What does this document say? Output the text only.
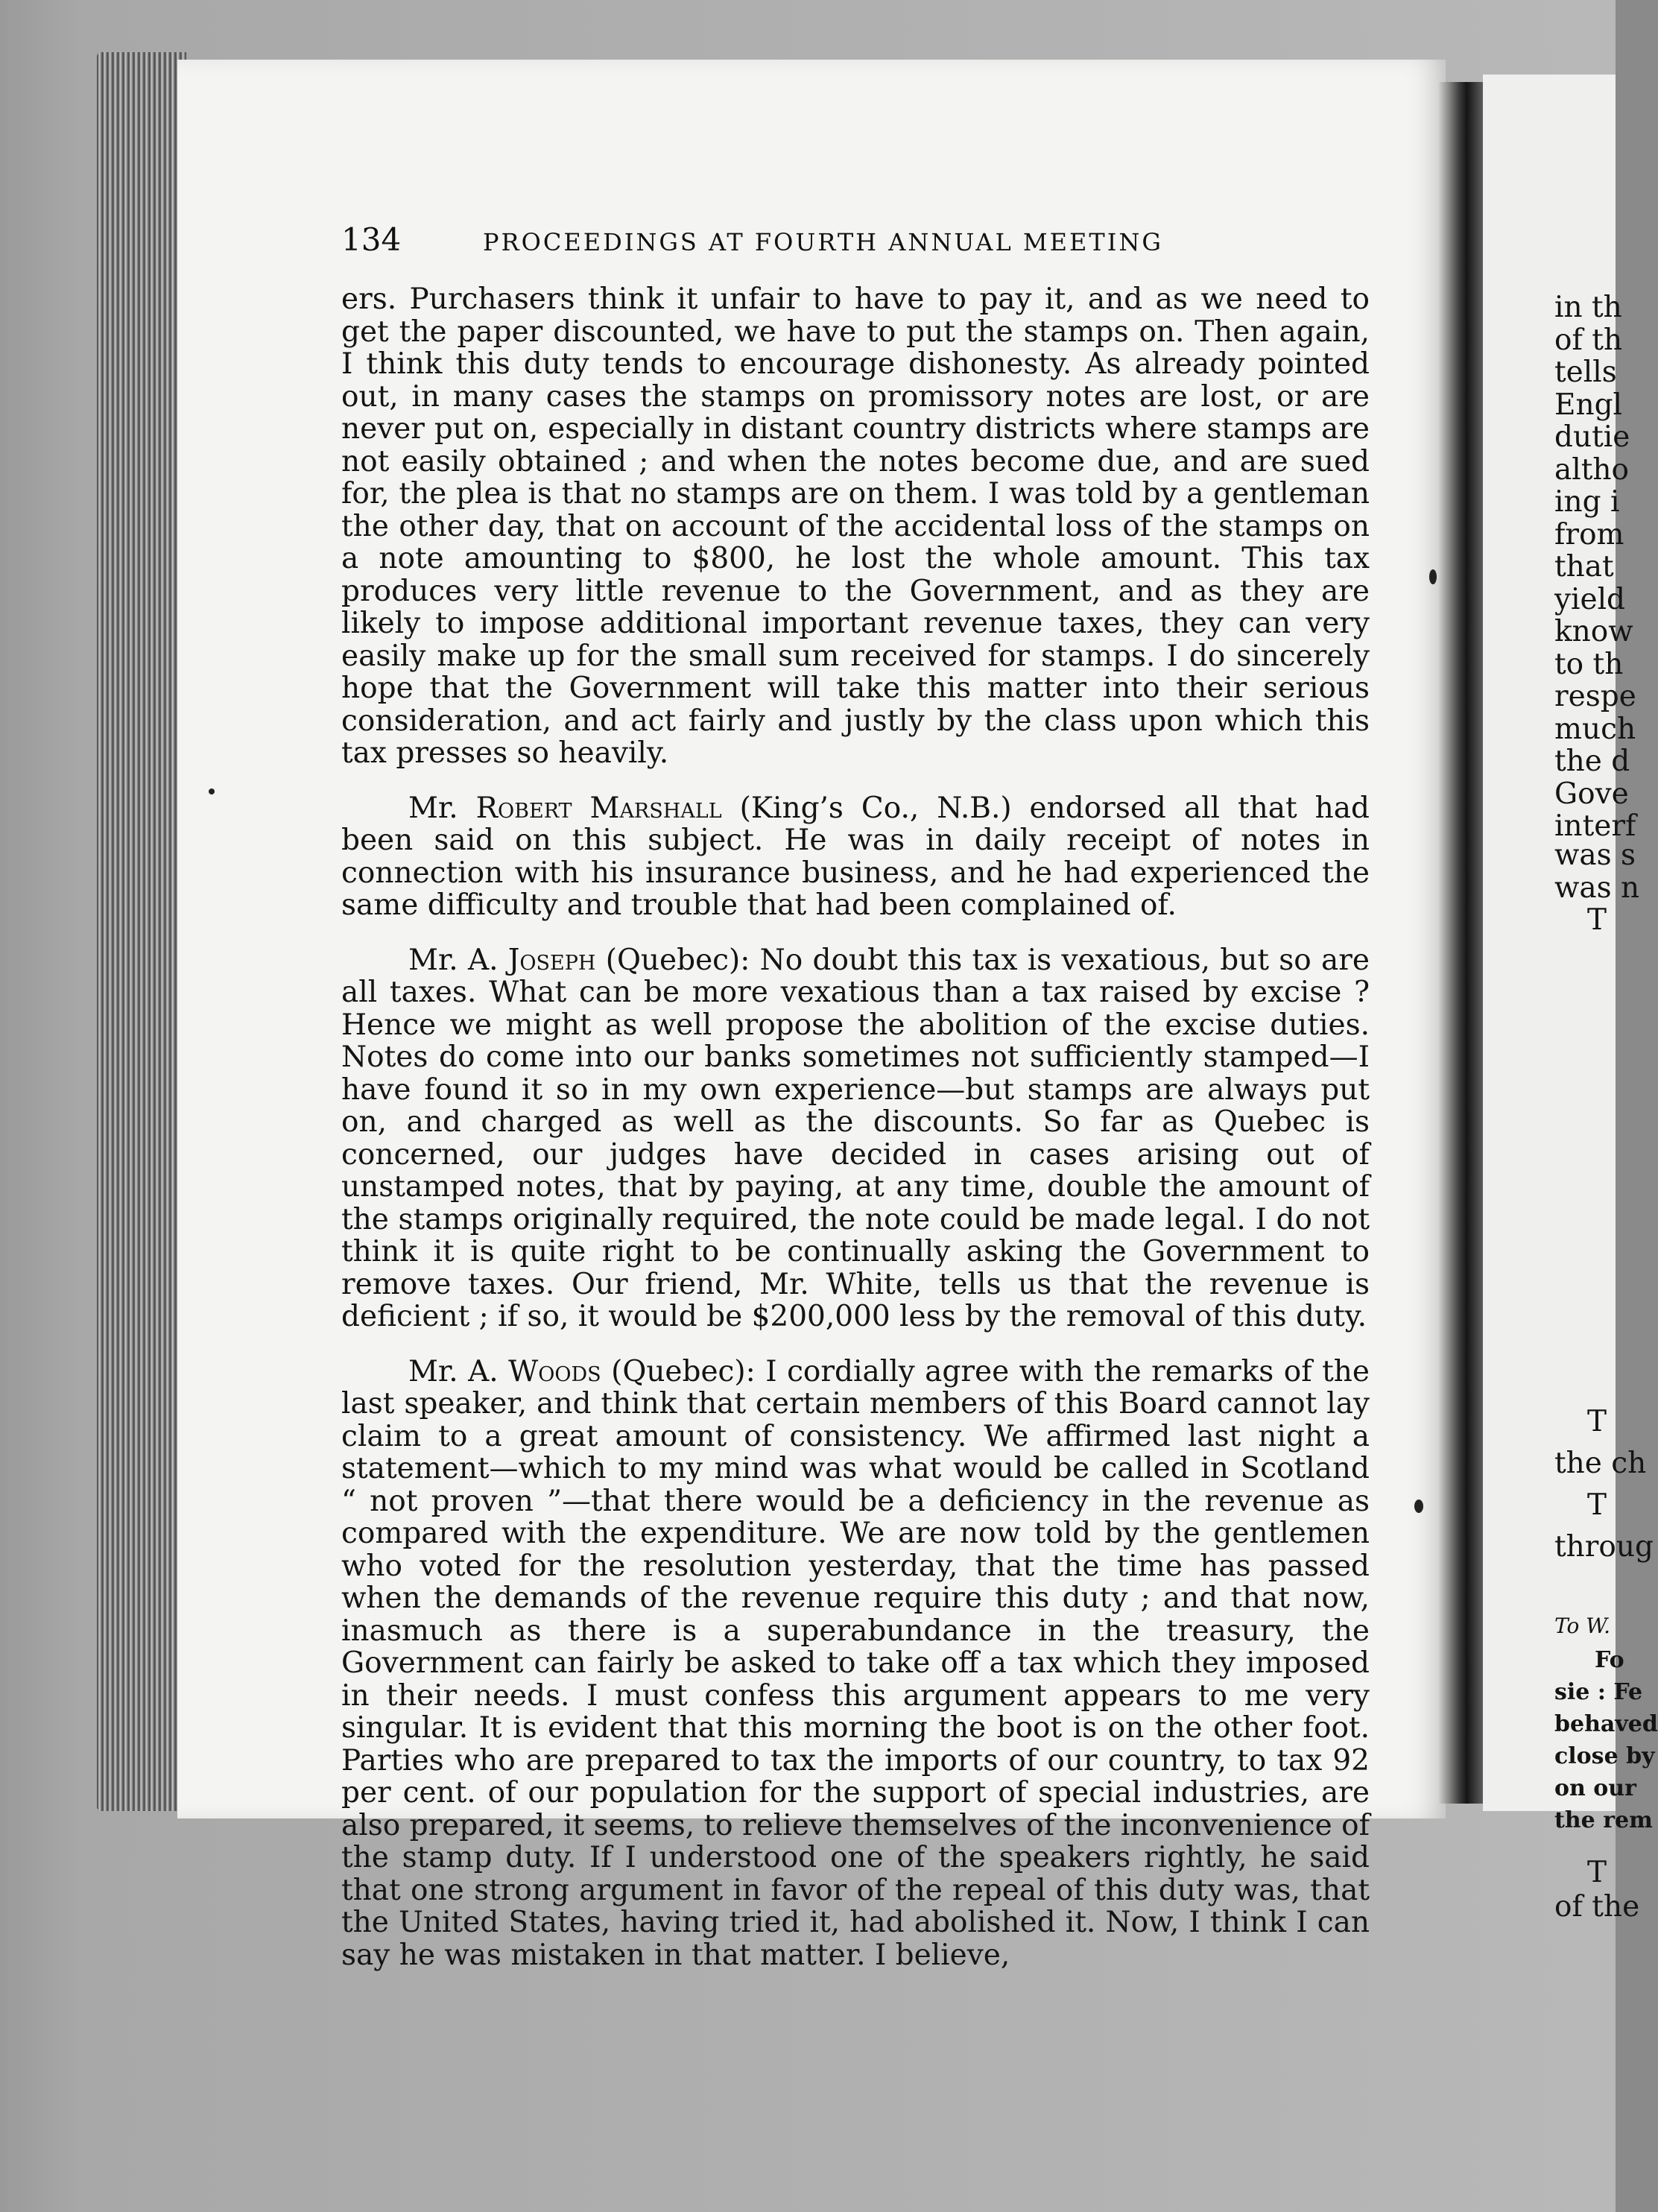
in th
of th
tells
Engl
dutie
altho
ing i
from
that
yield
know
to th
respe
much
the d
Gove
interf
was s
was n
T
T
the ch
T
throug
To W.
Fo
sie : Fe
behaved
close by
on our
the rem
T
of the
134	PROCEEDINGS AT FOURTH ANNUAL MEETING

ers. Purchasers think it unfair to have to pay it, and as we need to get the paper discounted, we have to put the stamps on. Then again, I think this duty tends to encourage dishonesty. As already pointed out, in many cases the stamps on promissory notes are lost, or are never put on, especially in distant country districts where stamps are not easily obtained ; and when the notes become due, and are sued for, the plea is that no stamps are on them. I was told by a gentleman the other day, that on account of the accidental loss of the stamps on a note amounting to $800, he lost the whole amount. This tax produces very little revenue to the Government, and as they are likely to impose additional important revenue taxes, they can very easily make up for the small sum received for stamps. I do sincerely hope that the Government will take this matter into their serious consideration, and act fairly and justly by the class upon which this tax presses so heavily.

Mr. Robert Marshall (King’s Co., N.B.) endorsed all that had been said on this subject. He was in daily receipt of notes in connection with his insurance business, and he had experienced the same difficulty and trouble that had been complained of.

Mr. A. Joseph (Quebec): No doubt this tax is vexatious, but so are all taxes. What can be more vexatious than a tax raised by excise ? Hence we might as well propose the abolition of the excise duties. Notes do come into our banks sometimes not sufficiently stamped—I have found it so in my own experience—but stamps are always put on, and charged as well as the discounts. So far as Quebec is concerned, our judges have decided in cases arising out of unstamped notes, that by paying, at any time, double the amount of the stamps originally required, the note could be made legal. I do not think it is quite right to be continually asking the Government to remove taxes. Our friend, Mr. White, tells us that the revenue is deficient ; if so, it would be $200,000 less by the removal of this duty.

Mr. A. Woods (Quebec): I cordially agree with the remarks of the last speaker, and think that certain members of this Board cannot lay claim to a great amount of consistency. We affirmed last night a statement—which to my mind was what would be called in Scotland “ not proven ”—that there would be a deficiency in the revenue as compared with the expenditure. We are now told by the gentlemen who voted for the resolution yesterday, that the time has passed when the demands of the revenue require this duty ; and that now, inasmuch as there is a superabundance in the treasury, the Government can fairly be asked to take off a tax which they imposed in their needs. I must confess this argument appears to me very singular. It is evident that this morning the boot is on the other foot. Parties who are prepared to tax the imports of our country, to tax 92 per cent. of our population for the support of special industries, are also prepared, it seems, to relieve themselves of the inconvenience of the stamp duty. If I understood one of the speakers rightly, he said that one strong argument in favor of the repeal of this duty was, that the United States, having tried it, had abolished it. Now, I think I can say he was mistaken in that matter. I believe,
